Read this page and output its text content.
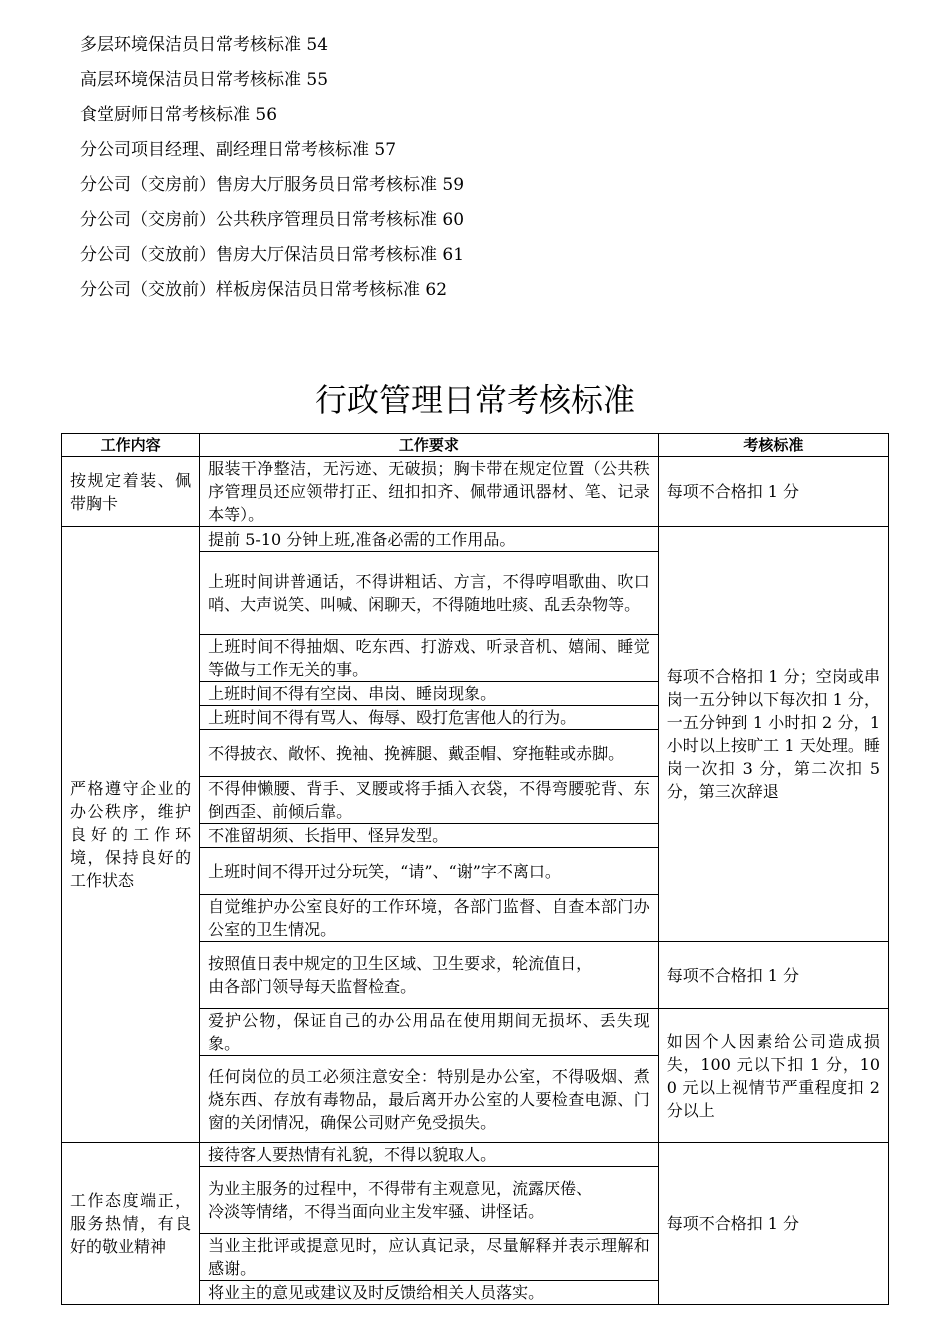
多层环境保洁员日常考核标准 54
高层环境保洁员日常考核标准 55
食堂厨师日常考核标准 56
分公司项目经理、副经理日常考核标准 57
分公司（交房前）售房大厅服务员日常考核标准 59
分公司（交房前）公共秩序管理员日常考核标准 60
分公司（交放前）售房大厅保洁员日常考核标准 61
分公司（交放前）样板房保洁员日常考核标准 62
行政管理日常考核标准
工作内容	工作要求	考核标准
按规定着装、佩带胸卡	服装干净整洁，无污迹、无破损；胸卡带在规定位置（公共秩序管理员还应领带打正、纽扣扣齐、佩带通讯器材、笔、记录本等）。	每项不合格扣 1 分
严格遵守企业的办公秩序，维护良好的工作环境，保持良好的工作状态	提前 5-10 分钟上班,准备必需的工作用品。	每项不合格扣 1 分；空岗或串岗一五分钟以下每次扣 1 分，一五分钟到 1 小时扣 2 分，1 小时以上按旷工 1 天处理。睡岗一次扣 3 分，第二次扣 5 分，第三次辞退
	上班时间讲普通话，不得讲粗话、方言，不得哼唱歌曲、吹口哨、大声说笑、叫喊、闲聊天，不得随地吐痰、乱丢杂物等。	
	上班时间不得抽烟、吃东西、打游戏、听录音机、嬉闹、睡觉等做与工作无关的事。	
	上班时间不得有空岗、串岗、睡岗现象。	
	上班时间不得有骂人、侮辱、殴打危害他人的行为。	
	不得披衣、敞怀、挽袖、挽裤腿、戴歪帽、穿拖鞋或赤脚。	
	不得伸懒腰、背手、叉腰或将手插入衣袋，不得弯腰驼背、东倒西歪、前倾后靠。	
	不准留胡须、长指甲、怪异发型。	
	上班时间不得开过分玩笑，“请”、“谢”字不离口。	
	自觉维护办公室良好的工作环境，各部门监督、自查本部门办公室的卫生情况。	
	按照值日表中规定的卫生区域、卫生要求，轮流值日，
由各部门领导每天监督检查。	每项不合格扣 1 分
	爱护公物，保证自己的办公用品在使用期间无损坏、丢失现象。	如因个人因素给公司造成损失，100 元以下扣 1 分，100 元以上视情节严重程度扣 2 分以上
	任何岗位的员工必须注意安全：特别是办公室，不得吸烟、煮烧东西、存放有毒物品，最后离开办公室的人要检查电源、门窗的关闭情况，确保公司财产免受损失。	
工作态度端正，服务热情，有良好的敬业精神	接待客人要热情有礼貌，不得以貌取人。	每项不合格扣 1 分
	为业主服务的过程中，不得带有主观意见，流露厌倦、
冷淡等情绪，不得当面向业主发牢骚、讲怪话。	
	当业主批评或提意见时，应认真记录，尽量解释并表示理解和感谢。	
	将业主的意见或建议及时反馈给相关人员落实。	
